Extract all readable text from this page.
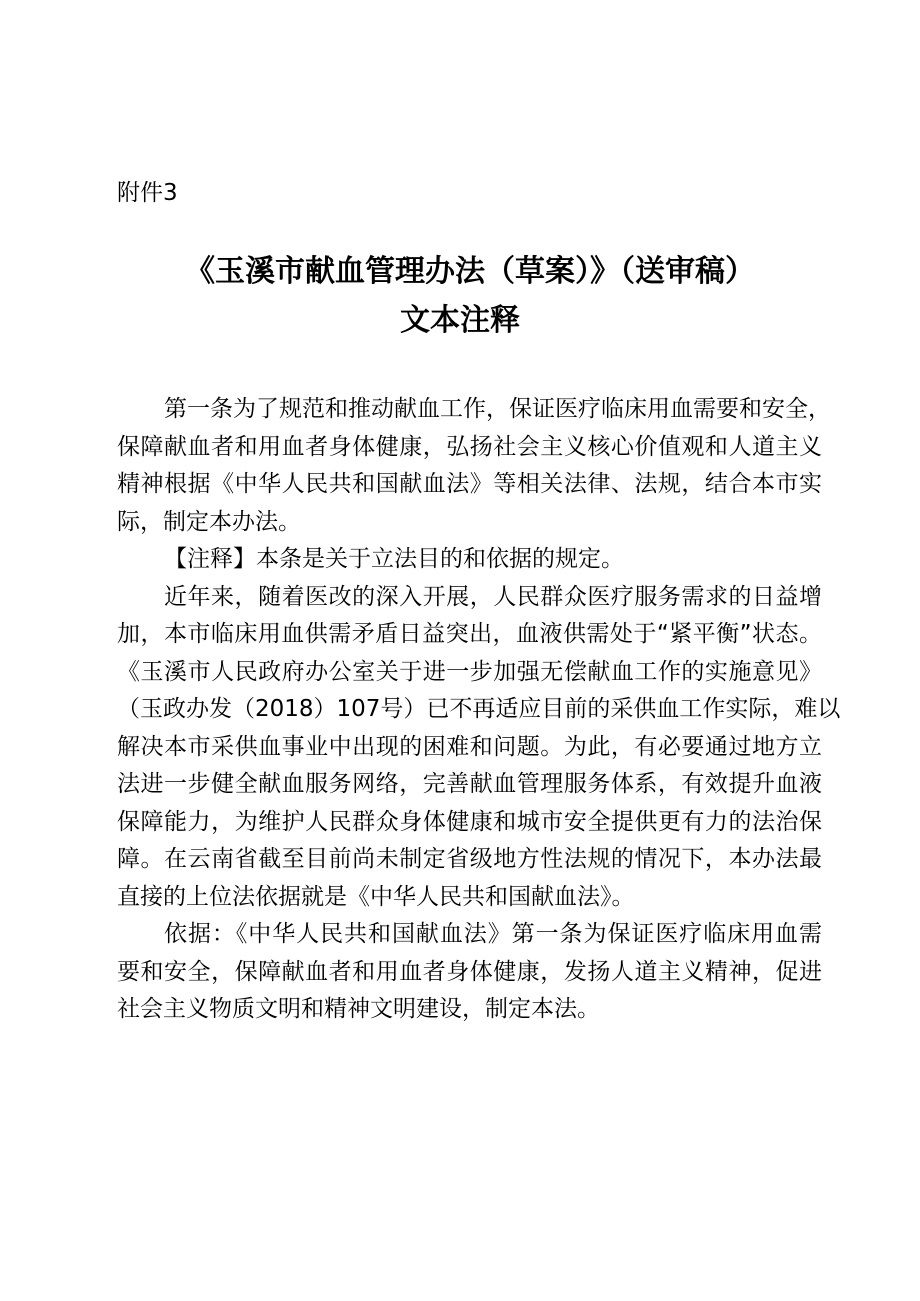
附件3
《玉溪市献血管理办法（草案）》（送审稿）
文本注释

第一条为了规范和推动献血工作，保证医疗临床用血需要和安全，

保障献血者和用血者身体健康，弘扬社会主义核心价值观和人道主义

精神根据《中华人民共和国献血法》等相关法律、法规，结合本市实

际，制定本办法。

【注释】本条是关于立法目的和依据的规定。

近年来，随着医改的深入开展，人民群众医疗服务需求的日益增

加，本市临床用血供需矛盾日益突出，血液供需处于“紧平衡”状态。

《玉溪市人民政府办公室关于进一步加强无偿献血工作的实施意见》

（玉政办发（2018）107号）已不再适应目前的采供血工作实际，难以

解决本市采供血事业中出现的困难和问题。为此，有必要通过地方立

法进一步健全献血服务网络，完善献血管理服务体系，有效提升血液

保障能力，为维护人民群众身体健康和城市安全提供更有力的法治保

障。在云南省截至目前尚未制定省级地方性法规的情况下，本办法最

直接的上位法依据就是《中华人民共和国献血法》。

依据：《中华人民共和国献血法》第一条为保证医疗临床用血需

要和安全，保障献血者和用血者身体健康，发扬人道主义精神，促进

社会主义物质文明和精神文明建设，制定本法。
